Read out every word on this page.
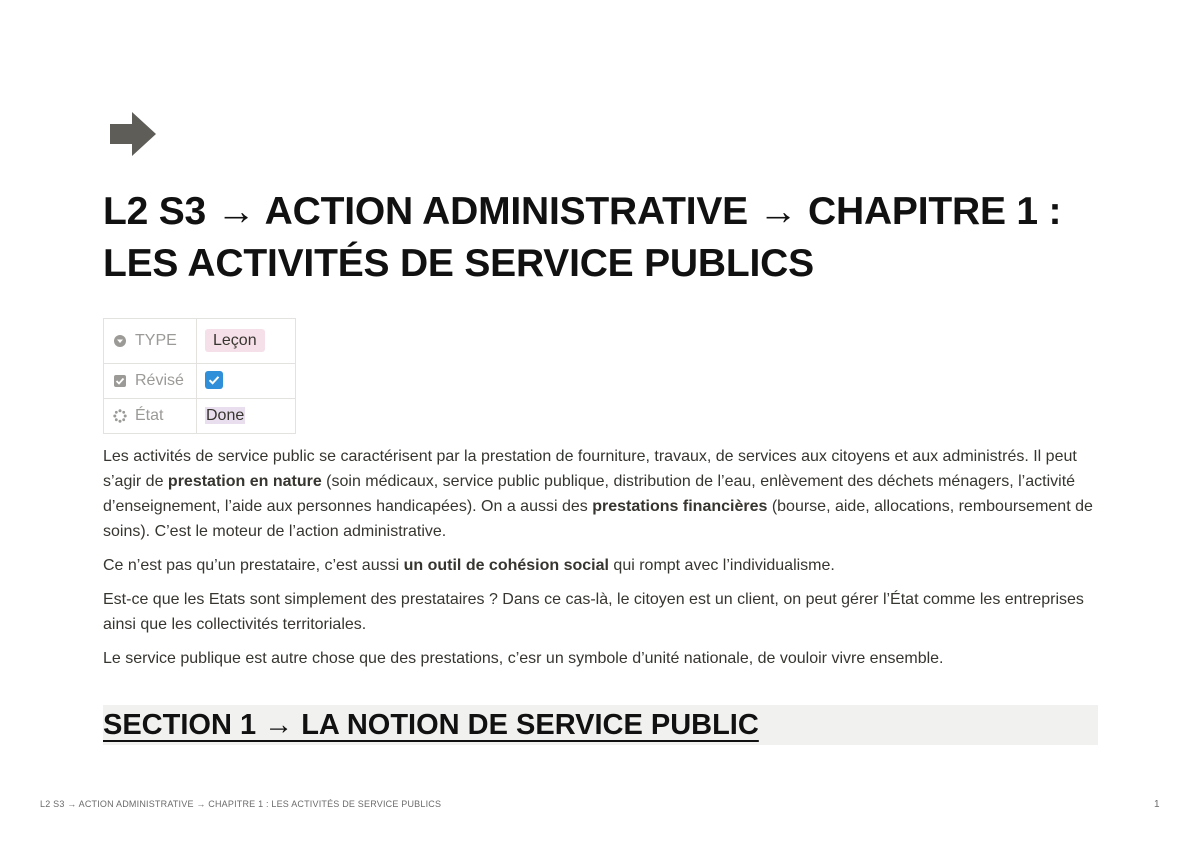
L2 S3 → ACTION ADMINISTRATIVE → CHAPITRE 1 : LES ACTIVITÉS DE SERVICE PUBLICS
TYPE	Leçon

Révisé

État	Done

Les activités de service public se caractérisent par la prestation de fourniture, travaux, de services aux citoyens et aux administrés. Il peut s’agir de prestation en nature (soin médicaux, service public publique, distribution de l’eau, enlèvement des déchets ménagers, l’activité d’enseignement, l’aide aux personnes handicapées). On a aussi des prestations financières (bourse, aide, allocations, remboursement de soins). C’est le moteur de l’action administrative.

Ce n’est pas qu’un prestataire, c’est aussi un outil de cohésion social qui rompt avec l’individualisme.

Est-ce que les Etats sont simplement des prestataires ? Dans ce cas-là, le citoyen est un client, on peut gérer l’État comme les entreprises ainsi que les collectivités territoriales.

Le service publique est autre chose que des prestations, c’esr un symbole d’unité nationale, de vouloir vivre ensemble.

SECTION 1 → LA NOTION DE SERVICE PUBLIC
L2 S3 → ACTION ADMINISTRATIVE → CHAPITRE 1 : LES ACTIVITÉS DE SERVICE PUBLICS	1
